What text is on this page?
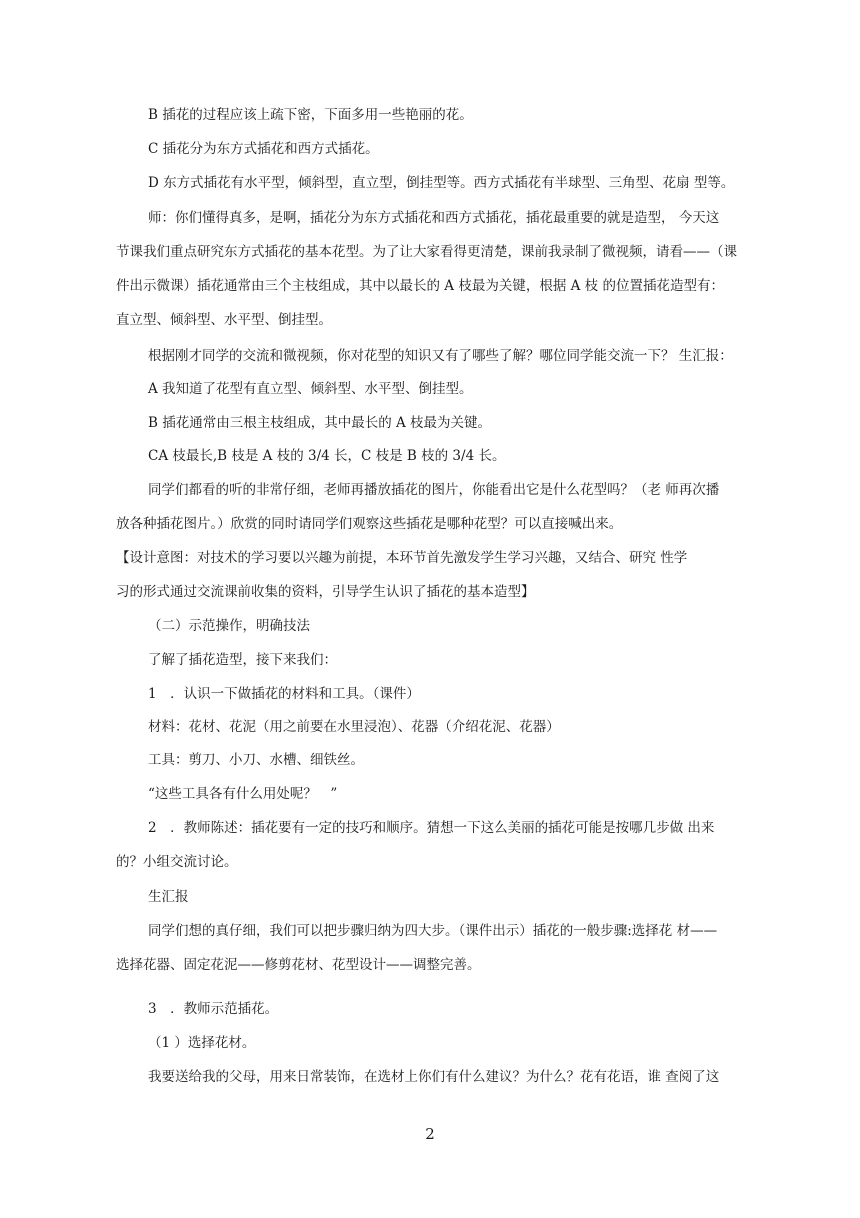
B 插花的过程应该上疏下密，下面多用一些艳丽的花。
C 插花分为东方式插花和西方式插花。
D 东方式插花有水平型，倾斜型，直立型，倒挂型等。西方式插花有半球型、三角型、花扇 型等。
师：你们懂得真多，是啊，插花分为东方式插花和西方式插花，插花最重要的就是造型， 今天这
节课我们重点研究东方式插花的基本花型。为了让大家看得更清楚，课前我录制了微视频，请看——（课
件出示微课）插花通常由三个主枝组成，其中以最长的 A 枝最为关键，根据 A 枝 的位置插花造型有：
直立型、倾斜型、水平型、倒挂型。
根据刚才同学的交流和微视频，你对花型的知识又有了哪些了解？哪位同学能交流一下？ 生汇报：
A 我知道了花型有直立型、倾斜型、水平型、倒挂型。
B 插花通常由三根主枝组成，其中最长的 A 枝最为关键。
CA 枝最长,B 枝是 A 枝的 3/4 长，C 枝是 B 枝的 3/4 长。
同学们都看的听的非常仔细，老师再播放插花的图片，你能看出它是什么花型吗？（老 师再次播
放各种插花图片。）欣赏的同时请同学们观察这些插花是哪种花型？可以直接喊出来。
【设计意图：对技术的学习要以兴趣为前提，本环节首先激发学生学习兴趣，又结合、研究 性学
习的形式通过交流课前收集的资料，引导学生认识了插花的基本造型】
（二）示范操作，明确技法
了解了插花造型，接下来我们：
1　．认识一下做插花的材料和工具。（课件）
材料：花材、花泥（用之前要在水里浸泡）、花器（介绍花泥、花器）
工具：剪刀、小刀、水槽、细铁丝。
“这些工具各有什么用处呢？　”
2　．教师陈述：插花要有一定的技巧和顺序。猜想一下这么美丽的插花可能是按哪几步做 出来
的？小组交流讨论。
生汇报
同学们想的真仔细，我们可以把步骤归纳为四大步。（课件出示）插花的一般步骤:选择花 材——
选择花器、固定花泥——修剪花材、花型设计——调整完善。
3　．教师示范插花。
（1 ）选择花材。
我要送给我的父母，用来日常装饰，在选材上你们有什么建议？为什么？花有花语，谁 查阅了这
2
